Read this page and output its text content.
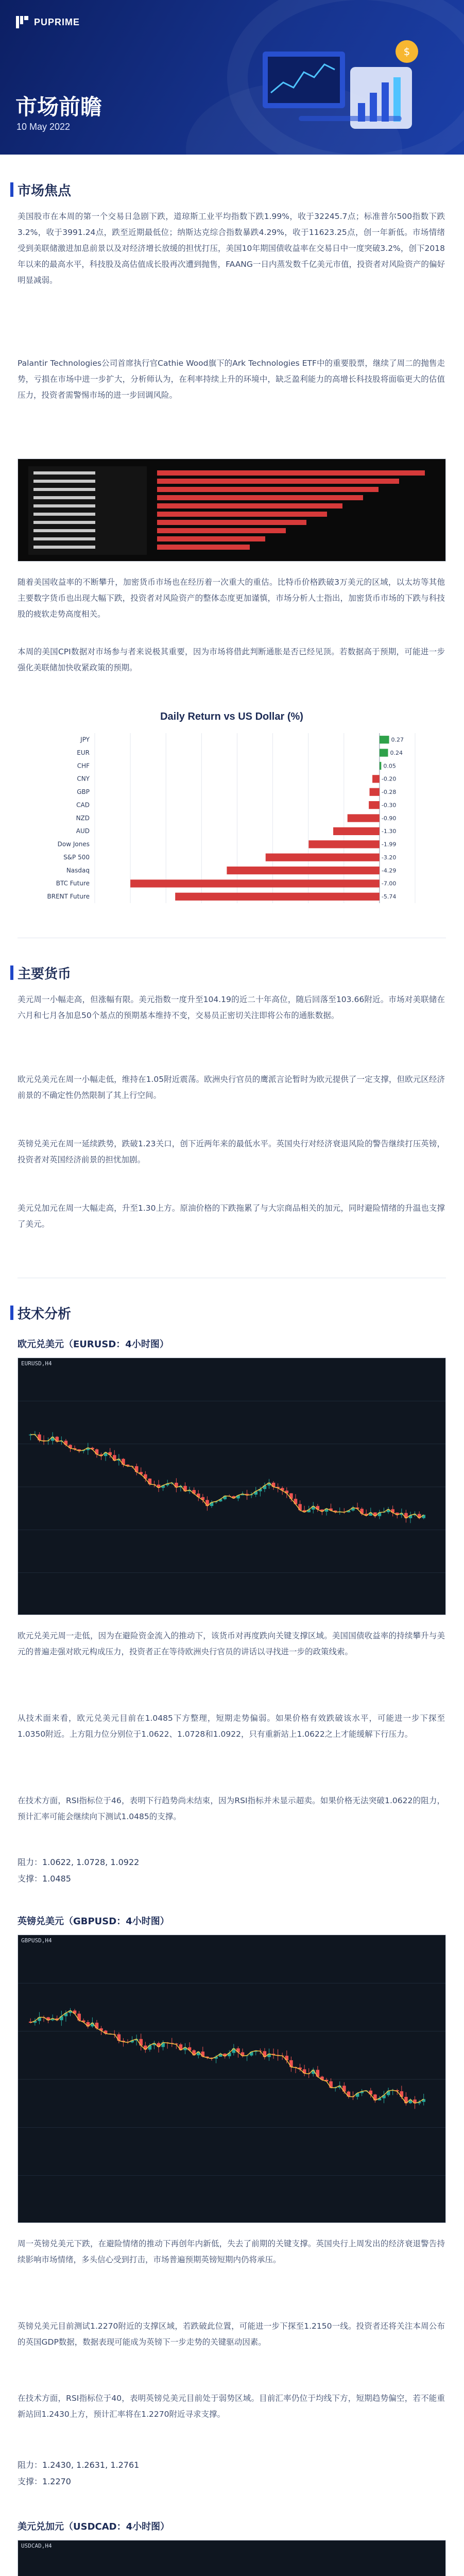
PUPRIME
$
市场前瞻
10 May 2022
市场焦点
美国股市在本周的第一个交易日急剧下跌，道琼斯工业平均指数下跌1.99%，收于32245.7点；标准普尔500指数下跌3.2%，收于3991.24点，跌至近期最低位；纳斯达克综合指数暴跌4.29%，收于11623.25点，创一年新低。市场情绪受到美联储激进加息前景以及对经济增长放缓的担忧打压，美国10年期国债收益率在交易日中一度突破3.2%，创下2018年以来的最高水平，科技股及高估值成长股再次遭到抛售，FAANG一日内蒸发数千亿美元市值，投资者对风险资产的偏好明显减弱。
Palantir Technologies公司首席执行官Cathie Wood旗下的Ark Technologies ETF中的重要股票，继续了周二的抛售走势，亏损在市场中进一步扩大，分析师认为，在利率持续上升的环境中，缺乏盈利能力的高增长科技股将面临更大的估值压力，投资者需警惕市场的进一步回调风险。
随着美国收益率的不断攀升，加密货币市场也在经历着一次重大的重估。比特币价格跌破3万美元的区域，以太坊等其他主要数字货币也出现大幅下跌，投资者对风险资产的整体态度更加谨慎，市场分析人士指出，加密货币市场的下跌与科技股的疲软走势高度相关。
本周的美国CPI数据对市场参与者来说极其重要，因为市场将借此判断通胀是否已经见顶。若数据高于预期，可能进一步强化美联储加快收紧政策的预期。
Daily Return vs US Dollar (%)
JPY	0.27
EUR	0.24
CHF	0.05
CNY	-0.20
GBP	-0.28
CAD	-0.30
NZD	-0.90
AUD	-1.30
Dow Jones	-1.99
S&P 500	-3.20
Nasdaq	-4.29
BTC Future	-7.00
BRENT Future	-5.74
主要货币
美元周一小幅走高，但涨幅有限。美元指数一度升至104.19的近二十年高位，随后回落至103.66附近。市场对美联储在六月和七月各加息50个基点的预期基本维持不变，交易员正密切关注即将公布的通胀数据。
欧元兑美元在周一小幅走低，维持在1.05附近震荡。欧洲央行官员的鹰派言论暂时为欧元提供了一定支撑，但欧元区经济前景的不确定性仍然限制了其上行空间。
英镑兑美元在周一延续跌势，跌破1.23关口，创下近两年来的最低水平。英国央行对经济衰退风险的警告继续打压英镑，投资者对英国经济前景的担忧加剧。
美元兑加元在周一大幅走高，升至1.30上方。原油价格的下跌拖累了与大宗商品相关的加元，同时避险情绪的升温也支撑了美元。
技术分析
欧元兑美元（EURUSD：4小时图）
EURUSD,H4
欧元兑美元周一走低，因为在避险资金流入的推动下，该货币对再度跌向关键支撑区域。美国国债收益率的持续攀升与美元的普遍走强对欧元构成压力，投资者正在等待欧洲央行官员的讲话以寻找进一步的政策线索。
从技术面来看，欧元兑美元目前在1.0485下方整理，短期走势偏弱。如果价格有效跌破该水平，可能进一步下探至1.0350附近。上方阻力位分别位于1.0622、1.0728和1.0922，只有重新站上1.0622之上才能缓解下行压力。
在技术方面，RSI指标位于46，表明下行趋势尚未结束，因为RSI指标并未显示超卖。如果价格无法突破1.0622的阻力，预计汇率可能会继续向下测试1.0485的支撑。
阻力：1.0622, 1.0728, 1.0922
支撑：1.0485
英镑兑美元（GBPUSD：4小时图）
GBPUSD,H4
周一英镑兑美元下跌，在避险情绪的推动下再创年内新低，失去了前期的关键支撑。英国央行上周发出的经济衰退警告持续影响市场情绪，多头信心受到打击，市场普遍预期英镑短期内仍将承压。
英镑兑美元目前测试1.2270附近的支撑区域，若跌破此位置，可能进一步下探至1.2150一线。投资者还将关注本周公布的英国GDP数据，数据表现可能成为英镑下一步走势的关键驱动因素。
在技术方面，RSI指标位于40，表明英镑兑美元目前处于弱势区域。目前汇率仍位于均线下方，短期趋势偏空，若不能重新站回1.2430上方，预计汇率将在1.2270附近寻求支撑。
阻力：1.2430, 1.2631, 1.2761
支撑：1.2270
美元兑加元（USDCAD：4小时图）
USDCAD,H4
